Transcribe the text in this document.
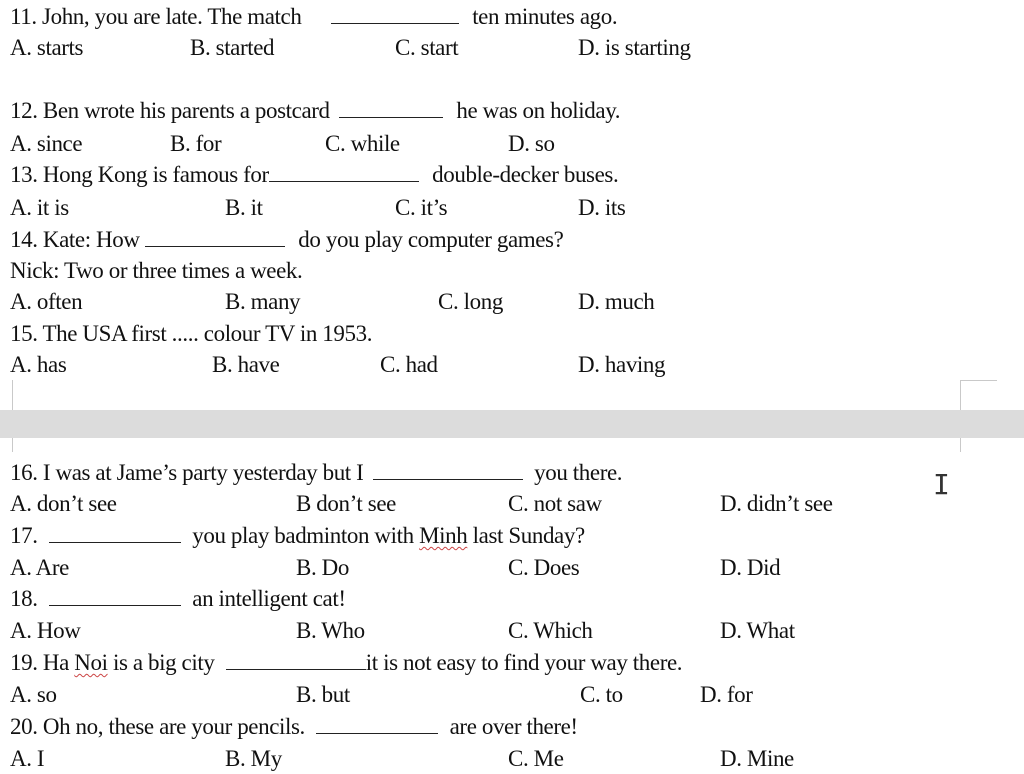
11. John, you are late. The match	ten minutes ago.
A. starts	B. started	C. start	D. is starting
12. Ben wrote his parents a postcard	he was on holiday.
A. since	B. for	C. while	D. so
13. Hong Kong is famous for	double-decker buses.
A. it is	B. it	C. it’s	D. its
14. Kate: How	do you play computer games?
Nick: Two or three times a week.
A. often	B. many	C. long	D. much
15. The USA first ..... colour TV in 1953.
A. has	B. have	C. had	D. having
16. I was at Jame’s party yesterday but I	you there.
A. don’t see	B don’t see	C. not saw	D. didn’t see
17.	you play badminton with Minh last Sunday?
A. Are	B. Do	C. Does	D. Did
18.	an intelligent cat!
A. How	B. Who	C. Which	D. What
19. Ha Noi is a big city	it is not easy to find your way there.
A. so	B. but	C. to	D. for
20. Oh no, these are your pencils.	are over there!
A. I	B. My	C. Me	D. Mine
I
